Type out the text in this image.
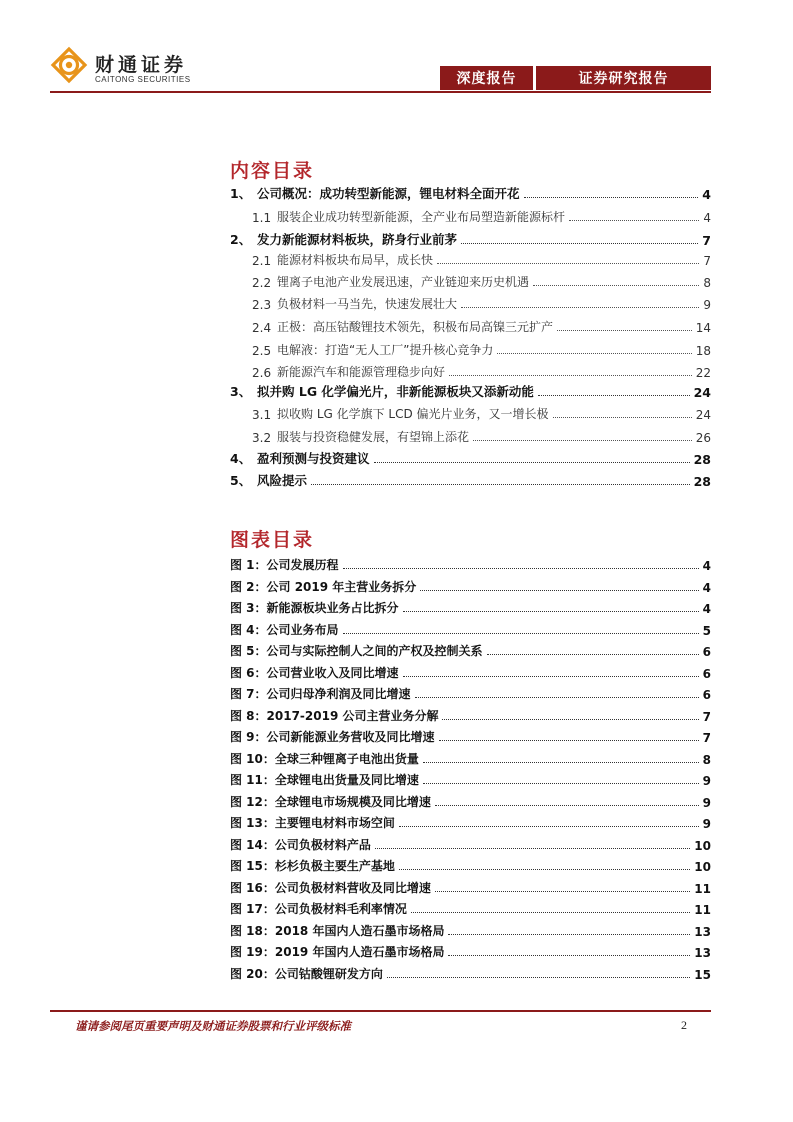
财通证券
CAITONG SECURITIES	深度报告	证券研究报告
内容目录
1、 公司概况：成功转型新能源，锂电材料全面开花	4
1.1 服装企业成功转型新能源，全产业布局塑造新能源标杆	4
2、 发力新能源材料板块，跻身行业前茅	7
2.1 能源材料板块布局早，成长快	7
2.2 锂离子电池产业发展迅速，产业链迎来历史机遇	8
2.3 负极材料一马当先，快速发展壮大	9
2.4 正极：高压钴酸锂技术领先，积极布局高镍三元扩产	14
2.5 电解液：打造“无人工厂”提升核心竞争力	18
2.6 新能源汽车和能源管理稳步向好	22
3、 拟并购 LG 化学偏光片，非新能源板块又添新动能	24
3.1 拟收购 LG 化学旗下 LCD 偏光片业务，又一增长极	24
3.2 服装与投资稳健发展，有望锦上添花	26
4、 盈利预测与投资建议	28
5、 风险提示	28
图表目录
图 1：公司发展历程	4
图 2：公司 2019 年主营业务拆分	4
图 3：新能源板块业务占比拆分	4
图 4：公司业务布局	5
图 5：公司与实际控制人之间的产权及控制关系	6
图 6：公司营业收入及同比增速	6
图 7：公司归母净利润及同比增速	6
图 8：2017-2019 公司主营业务分解	7
图 9：公司新能源业务营收及同比增速	7
图 10：全球三种锂离子电池出货量	8
图 11：全球锂电出货量及同比增速	9
图 12：全球锂电市场规模及同比增速	9
图 13：主要锂电材料市场空间	9
图 14：公司负极材料产品	10
图 15：杉杉负极主要生产基地	10
图 16：公司负极材料营收及同比增速	11
图 17：公司负极材料毛利率情况	11
图 18：2018 年国内人造石墨市场格局	13
图 19：2019 年国内人造石墨市场格局	13
图 20：公司钴酸锂研发方向	15
谨请参阅尾页重要声明及财通证券股票和行业评级标准	2
